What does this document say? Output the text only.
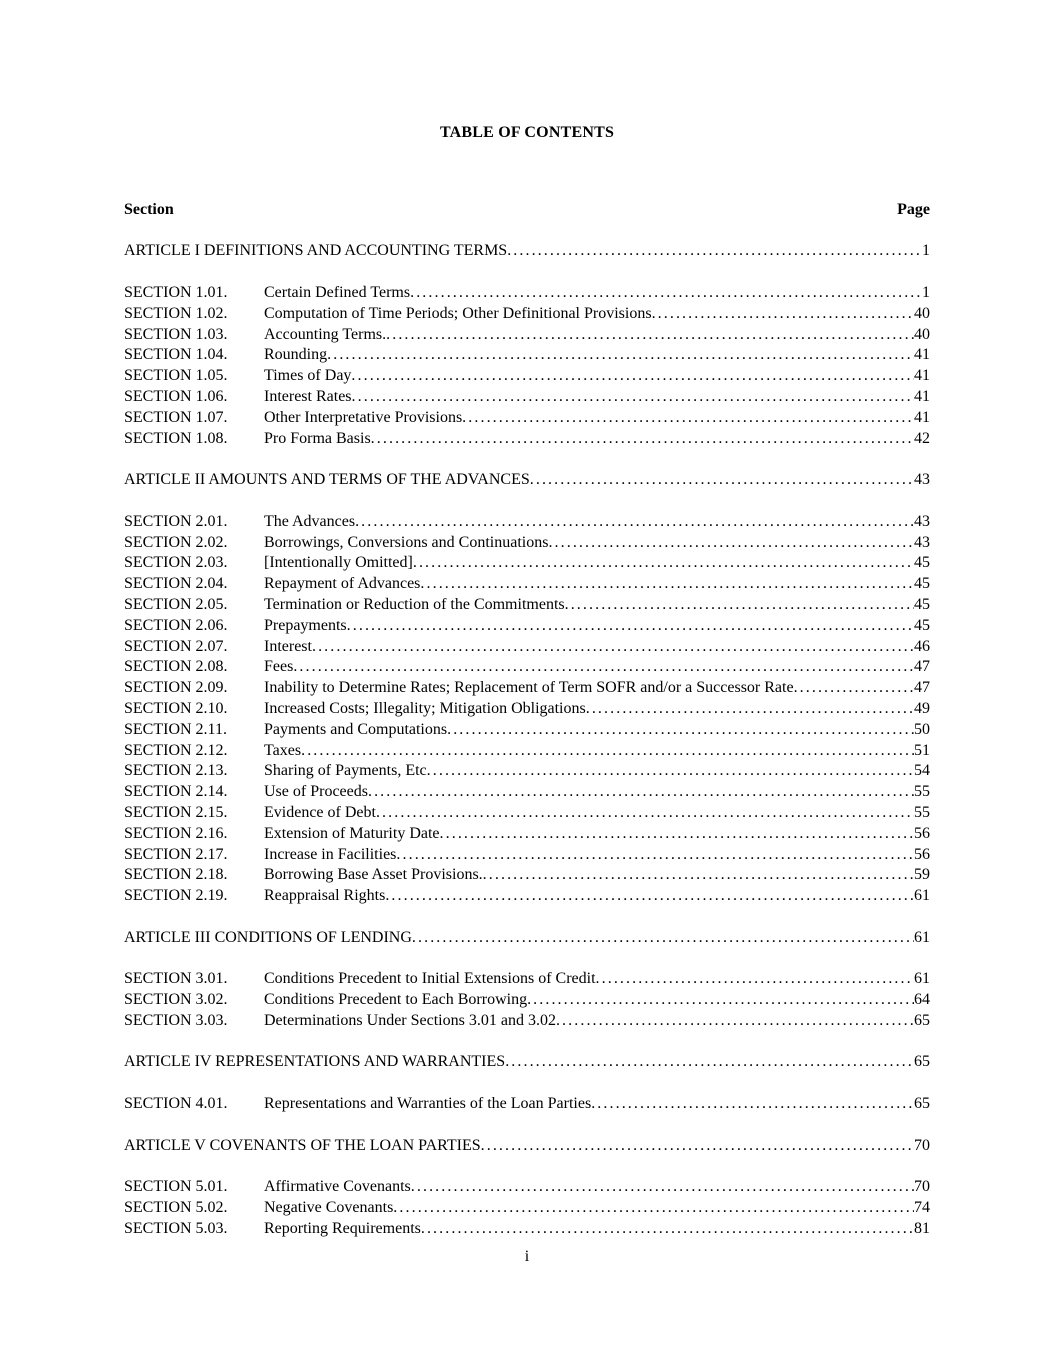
TABLE OF CONTENTS
Section	Page
ARTICLE I DEFINITIONS AND ACCOUNTING TERMS .....	1
SECTION 1.01.	Certain Defined Terms .....	1
SECTION 1.02.	Computation of Time Periods; Other Definitional Provisions .....	40
SECTION 1.03.	Accounting Terms. .....	40
SECTION 1.04.	Rounding .....	41
SECTION 1.05.	Times of Day .....	41
SECTION 1.06.	Interest Rates .....	41
SECTION 1.07.	Other Interpretative Provisions .....	41
SECTION 1.08.	Pro Forma Basis .....	42
ARTICLE II AMOUNTS AND TERMS OF THE ADVANCES .....	43
SECTION 2.01.	The Advances .....	43
SECTION 2.02.	Borrowings, Conversions and Continuations .....	43
SECTION 2.03.	[Intentionally Omitted] .....	45
SECTION 2.04.	Repayment of Advances .....	45
SECTION 2.05.	Termination or Reduction of the Commitments .....	45
SECTION 2.06.	Prepayments .....	45
SECTION 2.07.	Interest .....	46
SECTION 2.08.	Fees .....	47
SECTION 2.09.	Inability to Determine Rates; Replacement of Term SOFR and/or a Successor Rate .....	47
SECTION 2.10.	Increased Costs; Illegality; Mitigation Obligations .....	49
SECTION 2.11.	Payments and Computations .....	50
SECTION 2.12.	Taxes .....	51
SECTION 2.13.	Sharing of Payments, Etc .....	54
SECTION 2.14.	Use of Proceeds .....	55
SECTION 2.15.	Evidence of Debt .....	55
SECTION 2.16.	Extension of Maturity Date .....	56
SECTION 2.17.	Increase in Facilities .....	56
SECTION 2.18.	Borrowing Base Asset Provisions. .....	59
SECTION 2.19.	Reappraisal Rights .....	61
ARTICLE III CONDITIONS OF LENDING .....	61
SECTION 3.01.	Conditions Precedent to Initial Extensions of Credit .....	61
SECTION 3.02.	Conditions Precedent to Each Borrowing .....	64
SECTION 3.03.	Determinations Under Sections 3.01 and 3.02 .....	65
ARTICLE IV REPRESENTATIONS AND WARRANTIES .....	65
SECTION 4.01.	Representations and Warranties of the Loan Parties .....	65
ARTICLE V COVENANTS OF THE LOAN PARTIES .....	70
SECTION 5.01.	Affirmative Covenants .....	70
SECTION 5.02.	Negative Covenants .....	74
SECTION 5.03.	Reporting Requirements .....	81
i
